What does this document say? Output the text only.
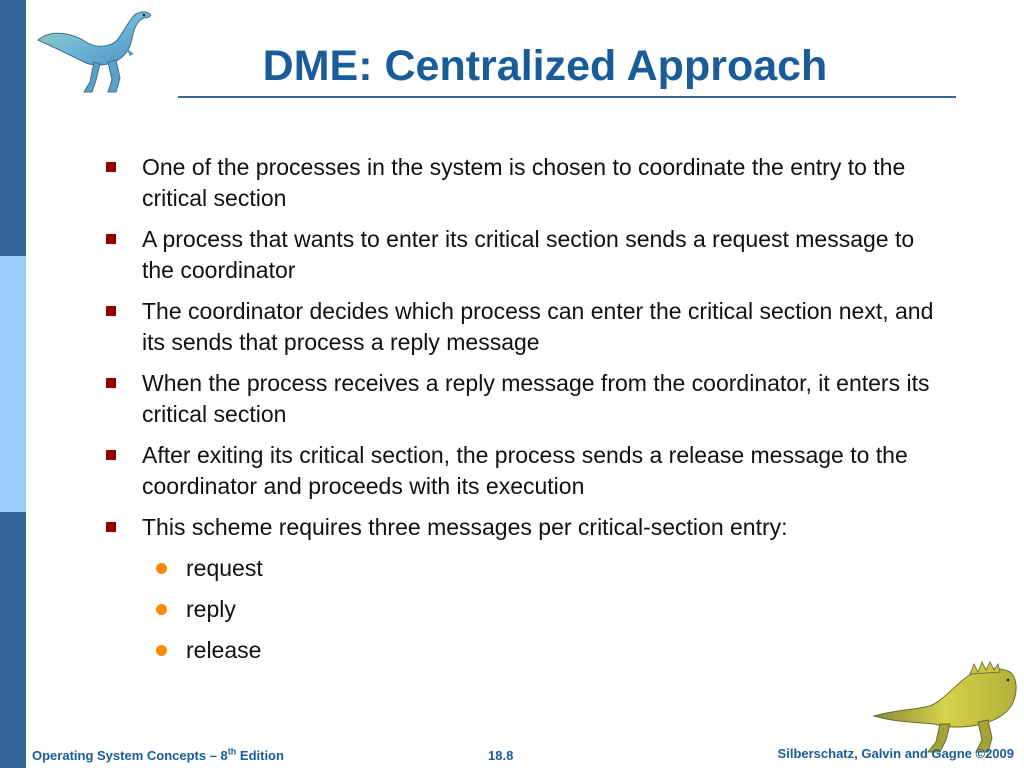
DME: Centralized Approach
One of the processes in the system is chosen to coordinate the entry to the critical section
A process that wants to enter its critical section sends a request message to the coordinator
The coordinator decides which process can enter the critical section next, and its sends that process a reply message
When the process receives a reply message from the coordinator, it enters its critical section
After exiting its critical section, the process sends a release message to the coordinator and proceeds with its execution
This scheme requires three messages per critical-section entry:
request
reply
release
Operating System Concepts – 8th Edition	18.8	Silberschatz, Galvin and Gagne ©2009
